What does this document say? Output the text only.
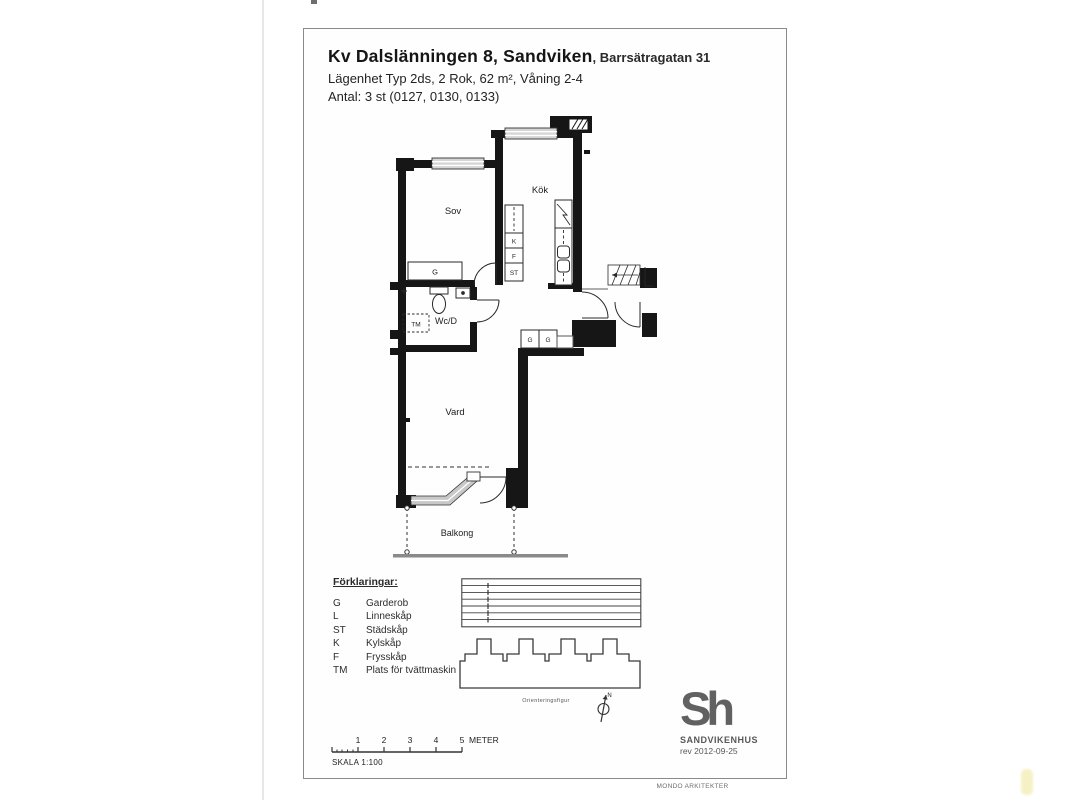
Kv Dalslänningen 8, Sandviken, Barrsätragatan 31
Lägenhet Typ 2ds, 2 Rok, 62 m², Våning 2-4
Antal: 3 st (0127, 0130, 0133)
Sov
Kök
Wc/D
Vard
Balkong
G
K
F
ST
TM
G G
Förklaringar:
G	Garderob
L	Linneskåp
ST	Städskåp
K	Kylskåp
F	Frysskåp
TM	Plats för tvättmaskin
Orienteringsfigur
N
1	2	3	4	5 METER
SKALA 1:100
Sh
SANDVIKENHUS
rev 2012-09-25
MONDO ARKITEKTER
